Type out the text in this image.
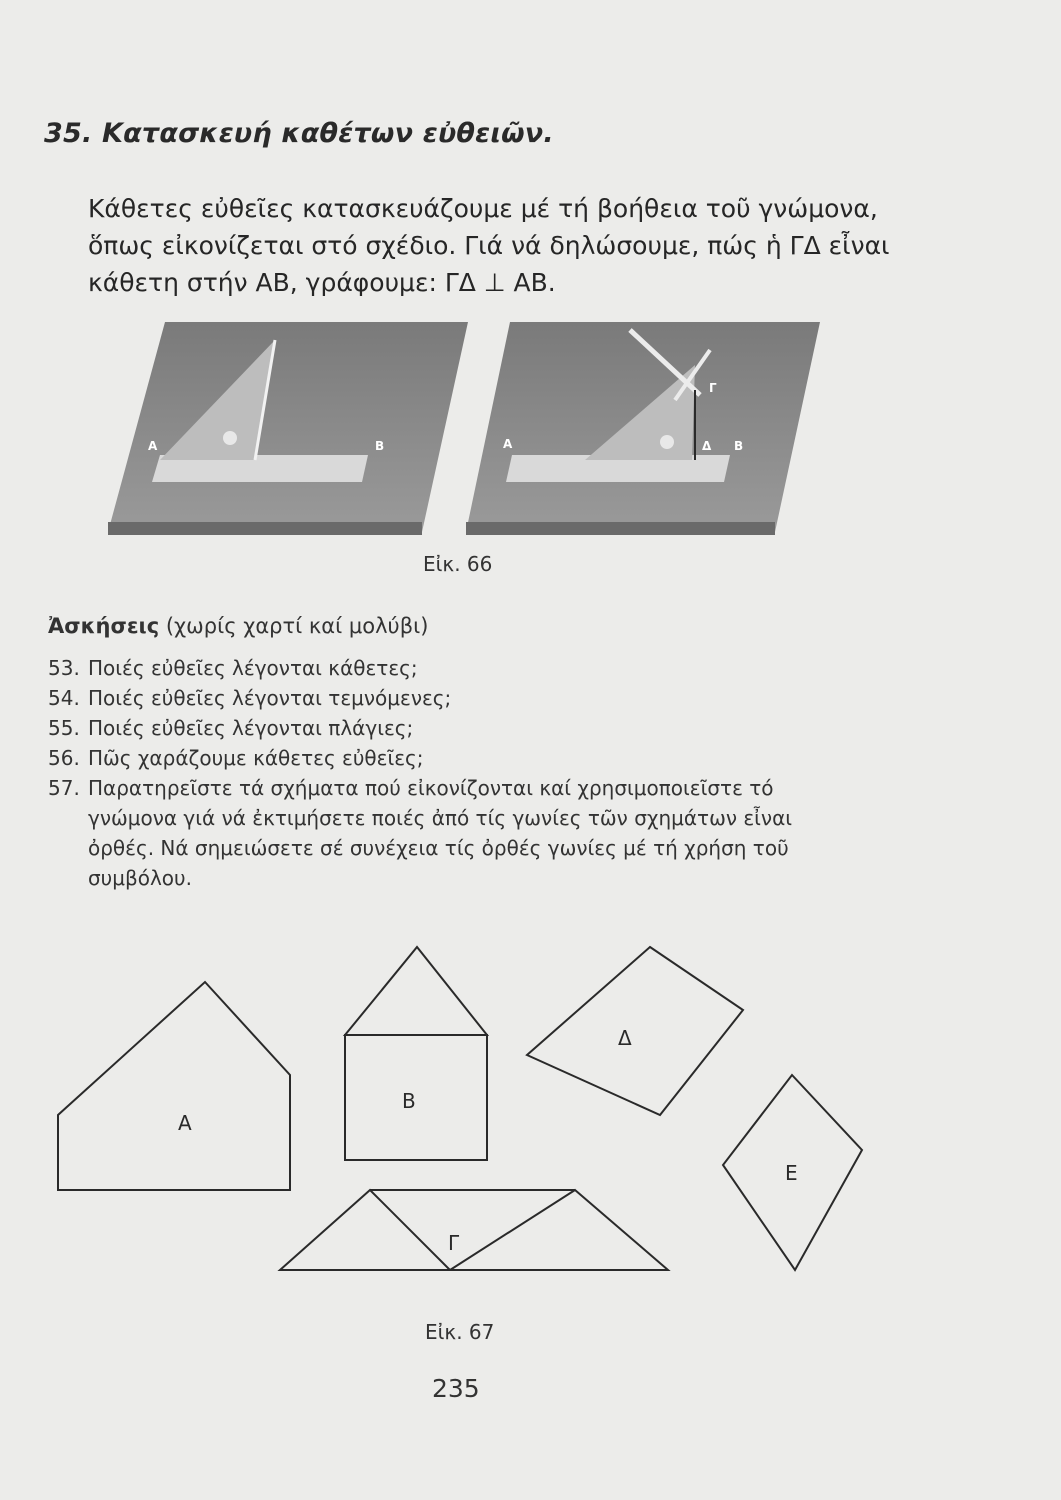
35. Κατασκευή καθέτων εὐθειῶν.

Κάθετες εὐθεῖες κατασκευάζουμε μέ τή βοήθεια τοῦ γνώμονα,

ὅπως εἰκονίζεται στό σχέδιο. Γιά νά δηλώσουμε, πώς ἡ ΓΔ εἶναι

κάθετη στήν ΑΒ, γράφουμε: ΓΔ ⊥ ΑΒ.

Α	Β	Α
Γ
Δ Β
Εἰκ. 66
Ἀσκήσεις (χωρίς χαρτί καί μολύβι)
53. Ποιές εὐθεῖες λέγονται κάθετες;
54. Ποιές εὐθεῖες λέγονται τεμνόμενες;
55. Ποιές εὐθεῖες λέγονται πλάγιες;
56. Πῶς χαράζουμε κάθετες εὐθεῖες;
57. Παρατηρεῖστε τά σχήματα πού εἰκονίζονται καί χρησιμοποιεῖστε τό
γνώμονα γιά νά ἐκτιμήσετε ποιές ἀπό τίς γωνίες τῶν σχημάτων εἶναι
ὀρθές. Νά σημειώσετε σέ συνέχεια τίς ὀρθές γωνίες μέ τή χρήση τοῦ
συμβόλου.
Α
Β
Γ
Δ
Ε
Εἰκ. 67
235
